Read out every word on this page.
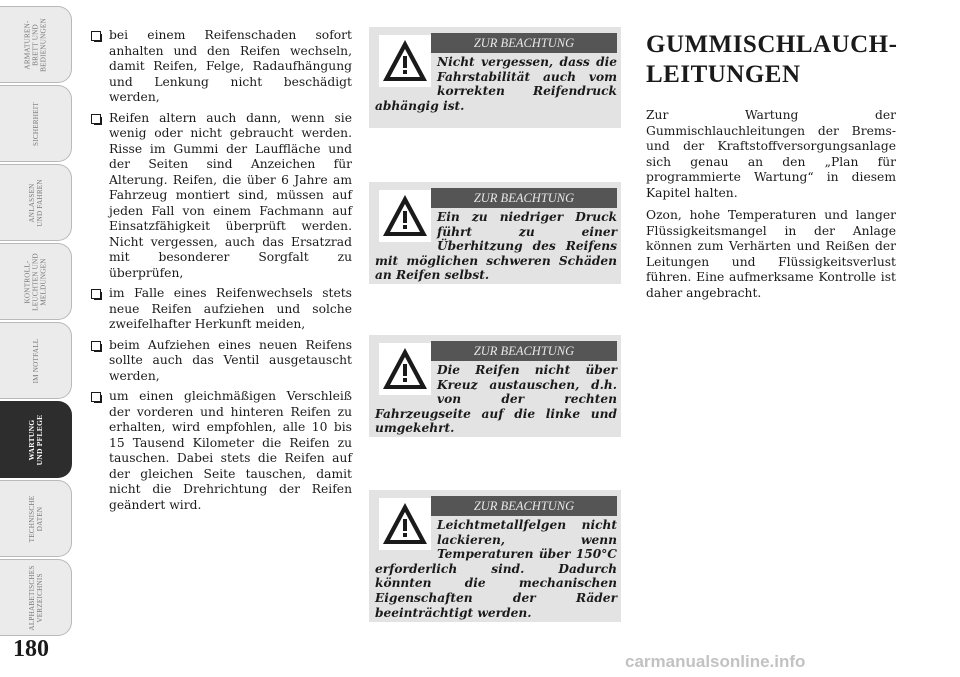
ARMATUREN-
BRETT UND
BEDIENUNGEN
SICHERHEIT
ANLASSEN
UND FAHREN
KONTROLL-
LEUCHTEN UND
MELDUNGEN
IM NOTFALL
WARTUNG
UND PFLEGE
TECHNISCHE
DATEN
ALPHABETISCHES
VERZEICHNIS
180
bei einem Reifenschaden sofort anhalten und den Reifen wechseln, damit Reifen, Felge, Radaufhängung und Lenkung nicht beschädigt werden,
Reifen altern auch dann, wenn sie wenig oder nicht gebraucht werden. Risse im Gummi der Lauffläche und der Seiten sind Anzeichen für Alterung. Reifen, die über 6 Jahre am Fahrzeug montiert sind, müssen auf jeden Fall von einem Fachmann auf Einsatzfähigkeit überprüft werden. Nicht vergessen, auch das Ersatzrad mit besonderer Sorgfalt zu überprüfen,
im Falle eines Reifenwechsels stets neue Reifen aufziehen und solche zweifelhafter Herkunft meiden,
beim Aufziehen eines neuen Reifens sollte auch das Ventil ausgetauscht werden,
um einen gleichmäßigen Verschleiß der vorderen und hinteren Reifen zu erhalten, wird empfohlen, alle 10 bis 15 Tausend Kilometer die Reifen zu tauschen. Dabei stets die Reifen auf der gleichen Seite tauschen, damit nicht die Drehrichtung der Reifen geändert wird.
ZUR BEACHTUNG
Nicht vergessen, dass die Fahrstabilität auch vom korrekten Reifendruck abhängig ist.
ZUR BEACHTUNG
Ein zu niedriger Druck führt zu einer Überhitzung des Reifens mit möglichen schweren Schäden an Reifen selbst.
ZUR BEACHTUNG
Die Reifen nicht über Kreuz austauschen, d.h. von der rechten Fahrzeugseite auf die linke und umgekehrt.
ZUR BEACHTUNG
Leichtmetallfelgen nicht lackieren, wenn Temperaturen über 150°C erforderlich sind. Dadurch könnten die mechanischen Eigenschaften der Räder beeinträchtigt werden.
GUMMISCHLAUCH-
LEITUNGEN

Zur Wartung der Gummischlauchleitungen der Brems- und der Kraftstoffversorgungsanlage sich genau an den „Plan für programmierte Wartung“ in diesem Kapitel halten.

Ozon, hohe Temperaturen und langer Flüssigkeitsmangel in der Anlage können zum Verhärten und Reißen der Leitungen und Flüssigkeitsverlust führen. Eine aufmerksame Kontrolle ist daher angebracht.

carmanualsonline.info
